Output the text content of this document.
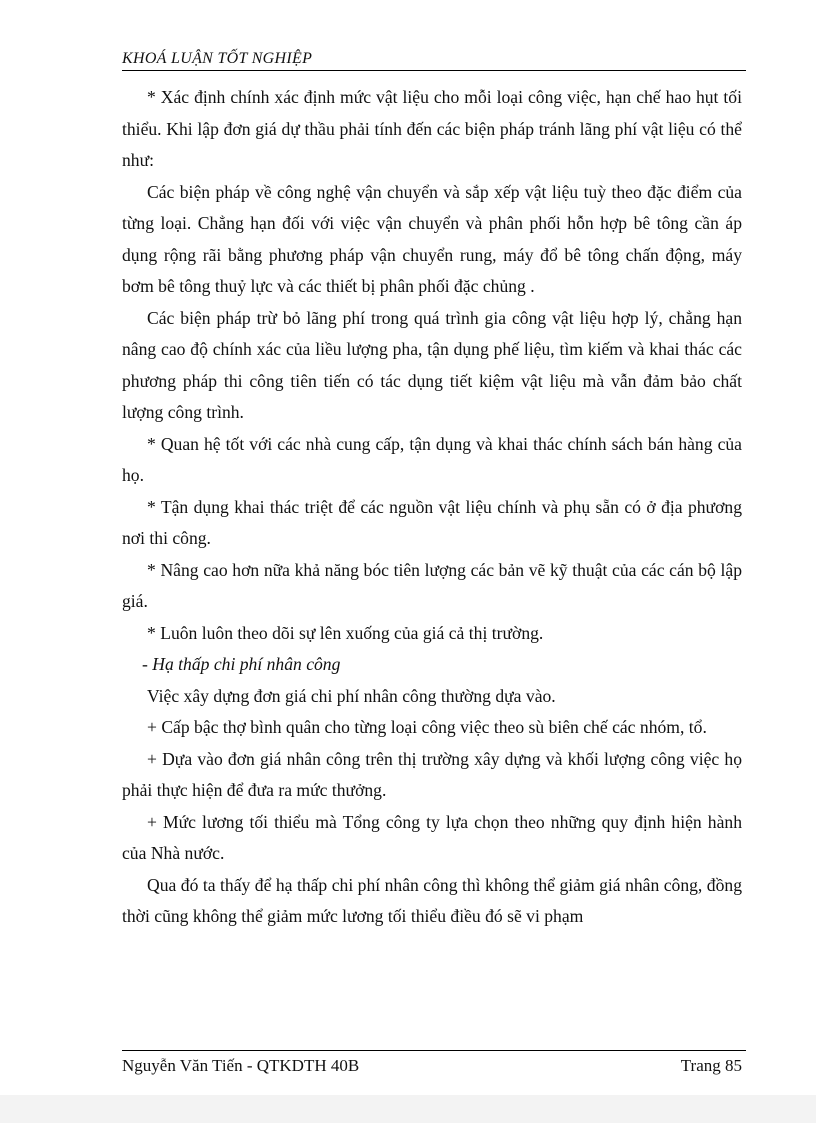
KHOÁ LUẬN TỐT NGHIỆP

* Xác định chính xác định mức vật liệu cho mỗi loại công việc, hạn chế hao hụt tối thiểu. Khi lập đơn giá dự thầu phải tính đến các biện pháp tránh lãng phí vật liệu có thể như:

Các biện pháp về công nghệ vận chuyển và sắp xếp vật liệu tuỳ theo đặc điểm của từng loại. Chẳng hạn đối với việc vận chuyển và phân phối hỗn hợp bê tông cần áp dụng rộng rãi bằng phương pháp vận chuyển rung, máy đổ bê tông chấn động, máy bơm bê tông thuỷ lực và các thiết bị phân phối đặc chủng .

Các biện pháp trừ bỏ lãng phí trong quá trình gia công vật liệu hợp lý, chẳng hạn nâng cao độ chính xác của liều lượng pha, tận dụng phế liệu, tìm kiếm và khai thác các phương pháp thi công tiên tiến có tác dụng tiết kiệm vật liệu mà vẫn đảm bảo chất lượng công trình.

* Quan hệ tốt với các nhà cung cấp, tận dụng và khai thác chính sách bán hàng của họ.

* Tận dụng khai thác triệt để các nguồn vật liệu chính và phụ sẵn có ở địa phương nơi thi công.

* Nâng cao hơn nữa khả năng bóc tiên lượng các bản vẽ kỹ thuật của các cán bộ lập giá.

* Luôn luôn theo dõi sự lên xuống của giá cả thị trường.

- Hạ thấp chi phí nhân công

Việc xây dựng đơn giá chi phí nhân công thường dựa vào.

+ Cấp bậc thợ bình quân cho từng loại công việc theo sù biên chế các nhóm, tổ.

+ Dựa vào đơn giá nhân công trên thị trường xây dựng và khối lượng công việc họ phải thực hiện để đưa ra mức thưởng.

+ Mức lương tối thiểu mà Tổng công ty lựa chọn theo những quy định hiện hành của Nhà nước.

Qua đó ta thấy để hạ thấp chi phí nhân công thì không thể giảm giá nhân công, đồng thời cũng không thể giảm mức lương tối thiểu điều đó sẽ vi phạm

Nguyễn Văn Tiến - QTKDTH 40B	Trang 85
